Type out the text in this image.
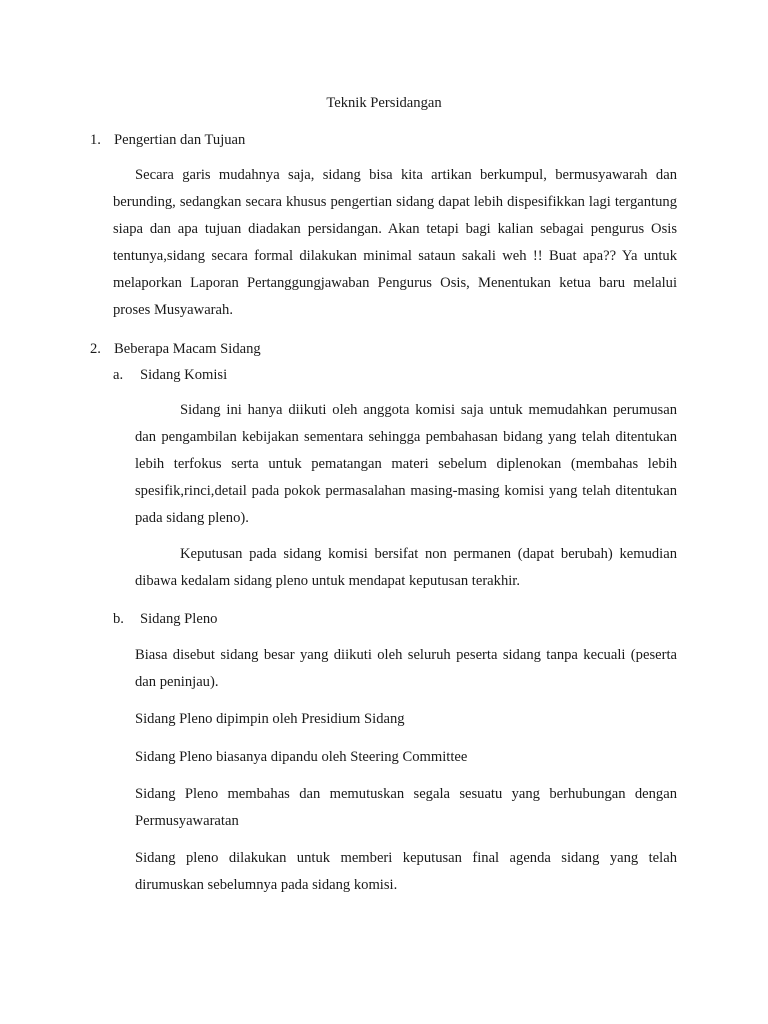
Teknik Persidangan
1. Pengertian dan Tujuan

Secara garis mudahnya saja, sidang bisa kita artikan berkumpul, bermusyawarah dan berunding, sedangkan secara khusus pengertian sidang dapat lebih dispesifikkan lagi tergantung siapa dan apa tujuan diadakan persidangan. Akan tetapi bagi kalian sebagai pengurus Osis tentunya,sidang secara formal dilakukan minimal sataun sakali weh !! Buat apa?? Ya untuk melaporkan Laporan Pertanggungjawaban Pengurus Osis, Menentukan ketua baru melalui proses Musyawarah.

2. Beberapa Macam Sidang
a. Sidang Komisi

Sidang ini hanya diikuti oleh anggota komisi saja untuk memudahkan perumusan dan pengambilan kebijakan sementara sehingga pembahasan bidang yang telah ditentukan lebih terfokus serta untuk pematangan materi sebelum diplenokan (membahas lebih spesifik,rinci,detail pada pokok permasalahan masing-masing komisi yang telah ditentukan pada sidang pleno).

Keputusan pada sidang komisi bersifat non permanen (dapat berubah) kemudian dibawa kedalam sidang pleno untuk mendapat keputusan terakhir.

b. Sidang Pleno

Biasa disebut sidang besar yang diikuti oleh seluruh peserta sidang tanpa kecuali (peserta dan peninjau).

Sidang Pleno dipimpin oleh Presidium Sidang

Sidang Pleno biasanya dipandu oleh Steering Committee

Sidang Pleno membahas dan memutuskan segala sesuatu yang berhubungan dengan Permusyawaratan

Sidang pleno dilakukan untuk memberi keputusan final agenda sidang yang telah dirumuskan sebelumnya pada sidang komisi.
